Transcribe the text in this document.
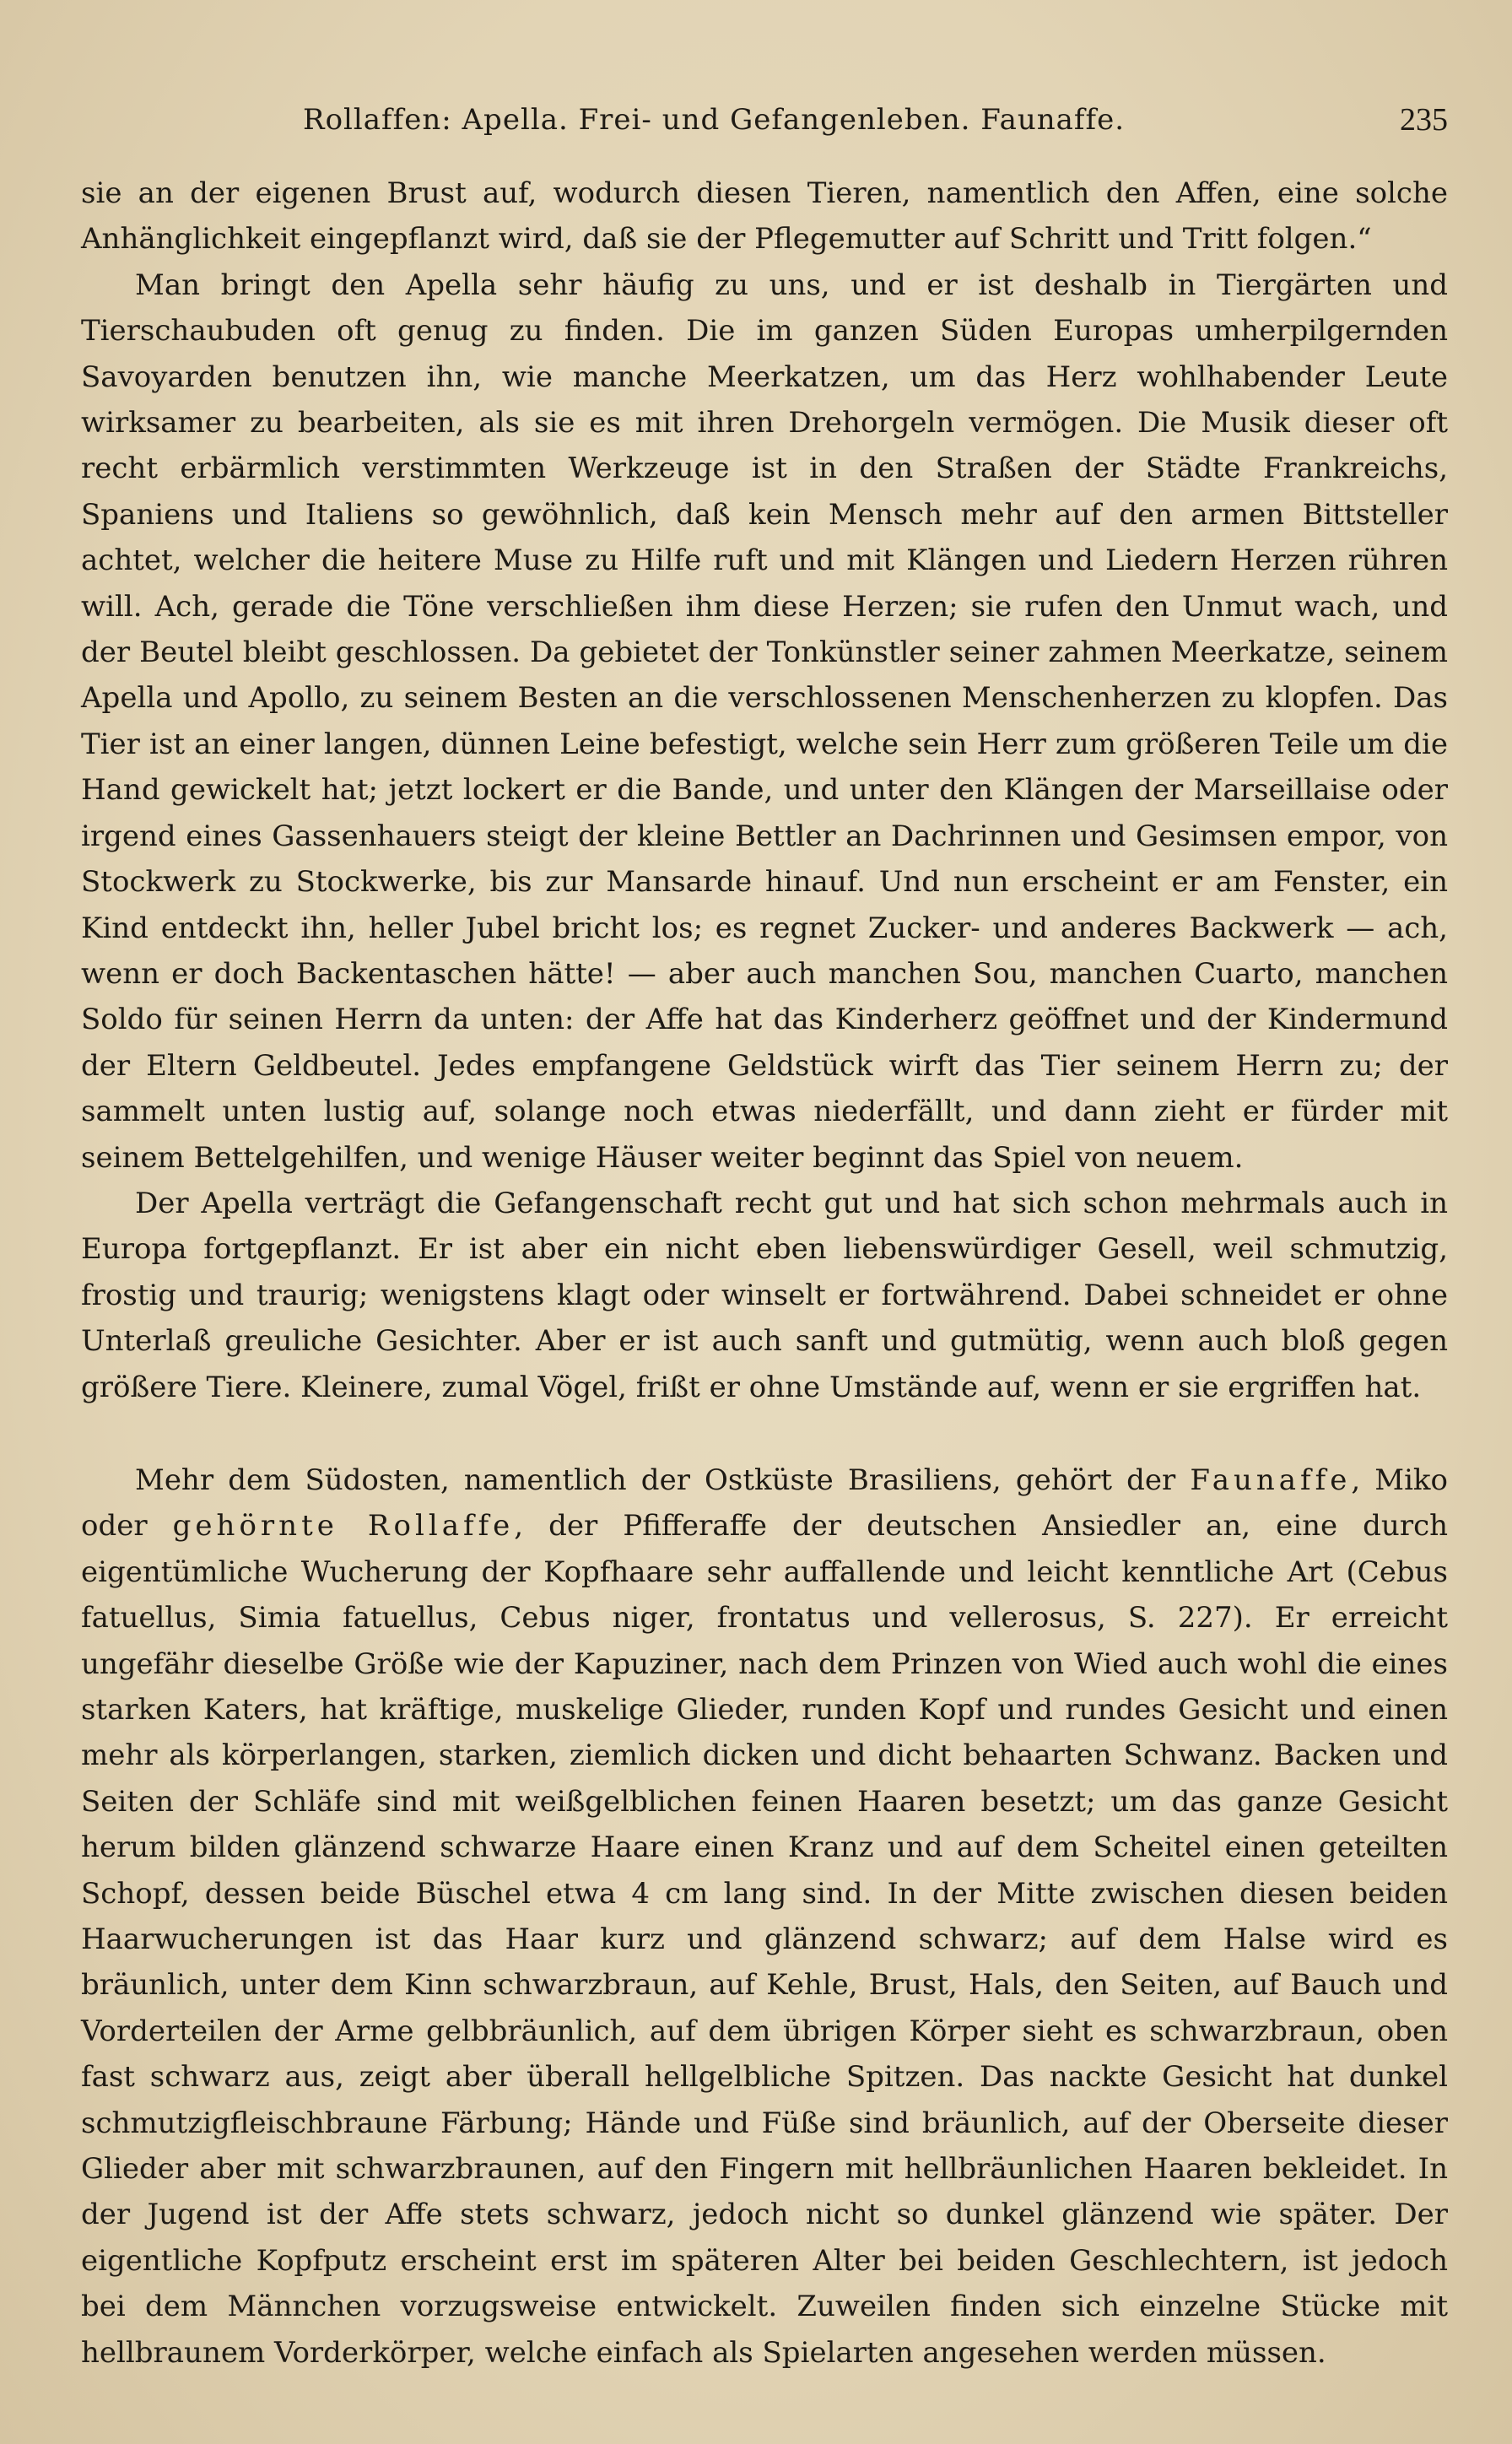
Rollaffen: Apella. Frei- und Gefangenleben. Faunaffe.	235

sie an der eigenen Brust auf, wodurch diesen Tieren, namentlich den Affen, eine solche Anhänglichkeit eingepflanzt wird, daß sie der Pflegemutter auf Schritt und Tritt folgen.“

Man bringt den Apella sehr häufig zu uns, und er ist deshalb in Tiergärten und Tierschaubuden oft genug zu finden. Die im ganzen Süden Europas umherpilgernden Savoyarden benutzen ihn, wie manche Meerkatzen, um das Herz wohlhabender Leute wirksamer zu bearbeiten, als sie es mit ihren Drehorgeln vermögen. Die Musik dieser oft recht erbärmlich verstimmten Werkzeuge ist in den Straßen der Städte Frankreichs, Spaniens und Italiens so gewöhnlich, daß kein Mensch mehr auf den armen Bittsteller achtet, welcher die heitere Muse zu Hilfe ruft und mit Klängen und Liedern Herzen rühren will. Ach, gerade die Töne verschließen ihm diese Herzen; sie rufen den Unmut wach, und der Beutel bleibt geschlossen. Da gebietet der Tonkünstler seiner zahmen Meerkatze, seinem Apella und Apollo, zu seinem Besten an die verschlossenen Menschenherzen zu klopfen. Das Tier ist an einer langen, dünnen Leine befestigt, welche sein Herr zum größeren Teile um die Hand gewickelt hat; jetzt lockert er die Bande, und unter den Klängen der Marseillaise oder irgend eines Gassenhauers steigt der kleine Bettler an Dachrinnen und Gesimsen empor, von Stockwerk zu Stockwerke, bis zur Mansarde hinauf. Und nun erscheint er am Fenster, ein Kind entdeckt ihn, heller Jubel bricht los; es regnet Zucker- und anderes Backwerk — ach, wenn er doch Backentaschen hätte! — aber auch manchen Sou, manchen Cuarto, manchen Soldo für seinen Herrn da unten: der Affe hat das Kinderherz geöffnet und der Kindermund der Eltern Geldbeutel. Jedes empfangene Geldstück wirft das Tier seinem Herrn zu; der sammelt unten lustig auf, solange noch etwas niederfällt, und dann zieht er fürder mit seinem Bettelgehilfen, und wenige Häuser weiter beginnt das Spiel von neuem.

Der Apella verträgt die Gefangenschaft recht gut und hat sich schon mehrmals auch in Europa fortgepflanzt. Er ist aber ein nicht eben liebenswürdiger Gesell, weil schmutzig, frostig und traurig; wenigstens klagt oder winselt er fortwährend. Dabei schneidet er ohne Unterlaß greuliche Gesichter. Aber er ist auch sanft und gutmütig, wenn auch bloß gegen größere Tiere. Kleinere, zumal Vögel, frißt er ohne Umstände auf, wenn er sie ergriffen hat.

Mehr dem Südosten, namentlich der Ostküste Brasiliens, gehört der Faunaffe, Miko oder gehörnte Rollaffe, der Pfifferaffe der deutschen Ansiedler an, eine durch eigentümliche Wucherung der Kopfhaare sehr auffallende und leicht kenntliche Art (Cebus fatuellus, Simia fatuellus, Cebus niger, frontatus und vellerosus, S. 227). Er erreicht ungefähr dieselbe Größe wie der Kapuziner, nach dem Prinzen von Wied auch wohl die eines starken Katers, hat kräftige, muskelige Glieder, runden Kopf und rundes Gesicht und einen mehr als körperlangen, starken, ziemlich dicken und dicht behaarten Schwanz. Backen und Seiten der Schläfe sind mit weißgelblichen feinen Haaren besetzt; um das ganze Gesicht herum bilden glänzend schwarze Haare einen Kranz und auf dem Scheitel einen geteilten Schopf, dessen beide Büschel etwa 4 cm lang sind. In der Mitte zwischen diesen beiden Haarwucherungen ist das Haar kurz und glänzend schwarz; auf dem Halse wird es bräunlich, unter dem Kinn schwarzbraun, auf Kehle, Brust, Hals, den Seiten, auf Bauch und Vorderteilen der Arme gelbbräunlich, auf dem übrigen Körper sieht es schwarzbraun, oben fast schwarz aus, zeigt aber überall hellgelbliche Spitzen. Das nackte Gesicht hat dunkel schmutzigfleischbraune Färbung; Hände und Füße sind bräunlich, auf der Oberseite dieser Glieder aber mit schwarzbraunen, auf den Fingern mit hellbräunlichen Haaren bekleidet. In der Jugend ist der Affe stets schwarz, jedoch nicht so dunkel glänzend wie später. Der eigentliche Kopfputz erscheint erst im späteren Alter bei beiden Geschlechtern, ist jedoch bei dem Männchen vorzugsweise entwickelt. Zuweilen finden sich einzelne Stücke mit hellbraunem Vorderkörper, welche einfach als Spielarten angesehen werden müssen.
